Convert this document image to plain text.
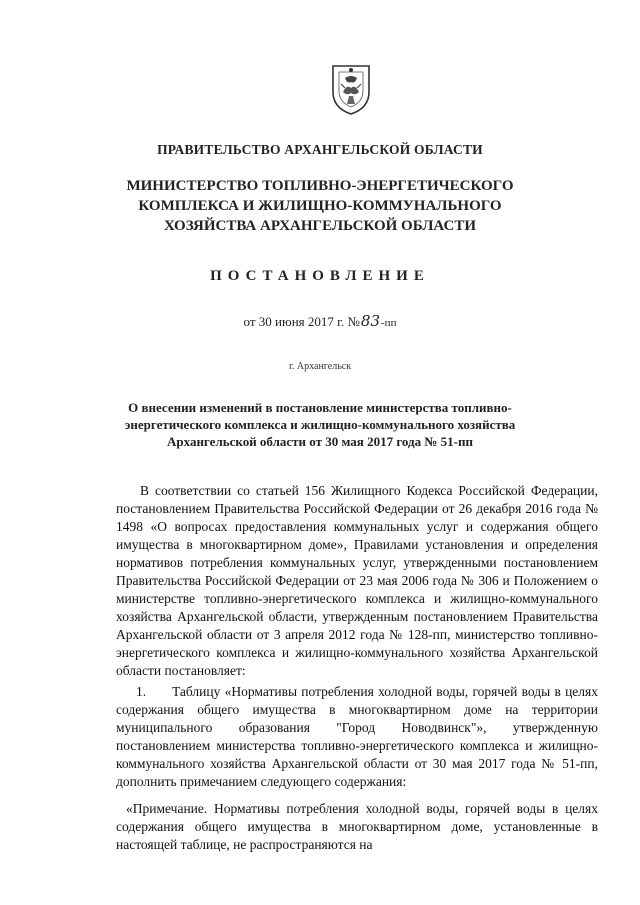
ПРАВИТЕЛЬСТВО АРХАНГЕЛЬСКОЙ ОБЛАСТИ
МИНИСТЕРСТВО ТОПЛИВНО-ЭНЕРГЕТИЧЕСКОГО
КОМПЛЕКСА И ЖИЛИЩНО-КОММУНАЛЬНОГО
ХОЗЯЙСТВА АРХАНГЕЛЬСКОЙ ОБЛАСТИ
ПОСТАНОВЛЕНИЕ
от 30 июня 2017 г. №83-пп
г. Архангельск
О внесении изменений в постановление министерства топливно-
энергетического комплекса и жилищно-коммунального хозяйства
Архангельской области от 30 мая 2017 года № 51-пп
В соответствии со статьей 156 Жилищного Кодекса Российской Федерации, постановлением Правительства Российской Федерации от 26 декабря 2016 года № 1498 «О вопросах предоставления коммунальных услуг и содержания общего имущества в многоквартирном доме», Правилами установления и определения нормативов потребления коммунальных услуг, утвержденными постановлением Правительства Российской Федерации от 23 мая 2006 года № 306 и Положением о министерстве топливно-энергетического комплекса и жилищно-коммунального хозяйства Архангельской области, утвержденным постановлением Правительства Архангельской области от 3 апреля 2012 года № 128-пп, министерство топливно-энергетического комплекса и жилищно-коммунального хозяйства Архангельской области постановляет:
1. Таблицу «Нормативы потребления холодной воды, горячей воды в целях содержания общего имущества в многоквартирном доме на территории муниципального образования "Город Новодвинск"», утвержденную постановлением министерства топливно-энергетического комплекса и жилищно-коммунального хозяйства Архангельской области от 30 мая 2017 года № 51-пп, дополнить примечанием следующего содержания:
«Примечание. Нормативы потребления холодной воды, горячей воды в целях содержания общего имущества в многоквартирном доме, установленные в настоящей таблице, не распространяются на
